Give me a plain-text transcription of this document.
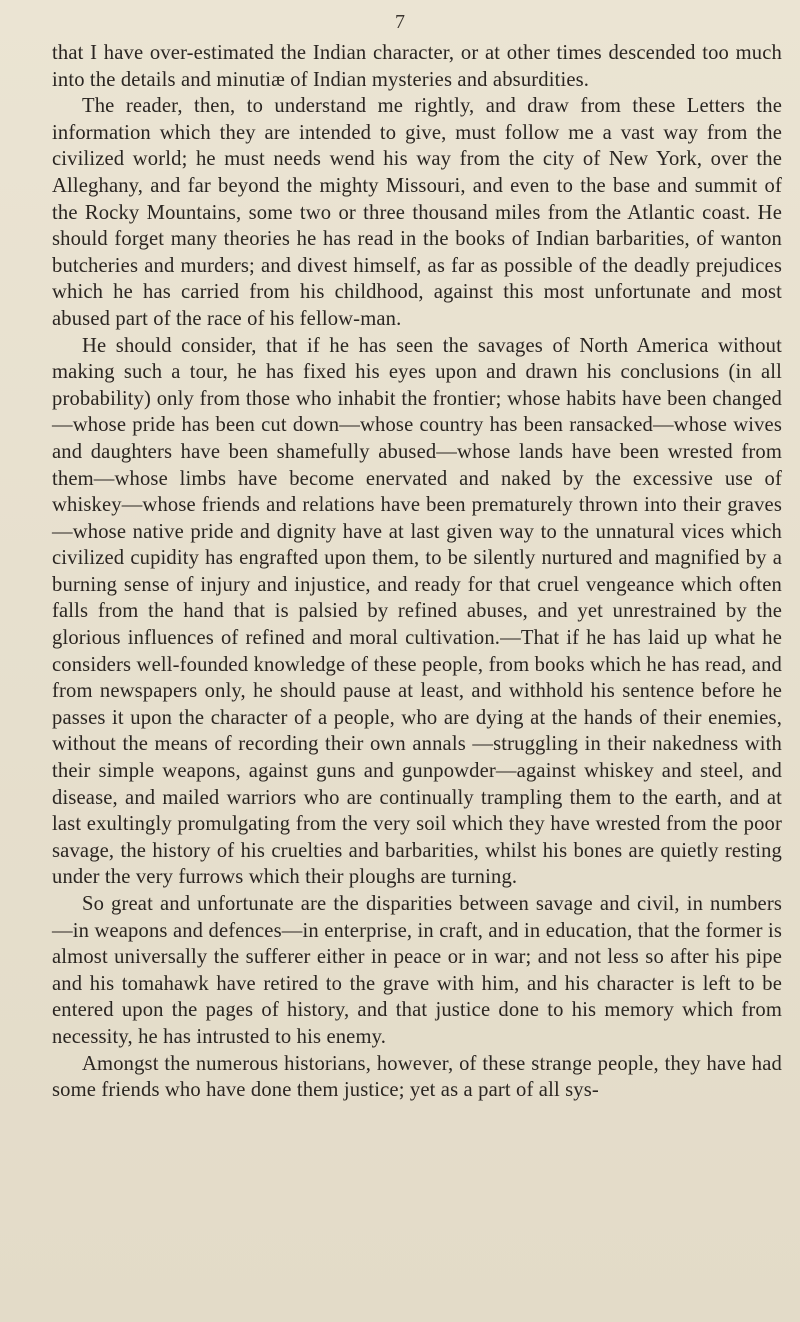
7

that I have over-estimated the Indian character, or at other times descended too much into the details and minutiæ of Indian mysteries and absurdities.

The reader, then, to understand me rightly, and draw from these Letters the information which they are intended to give, must follow me a vast way from the civilized world; he must needs wend his way from the city of New York, over the Alleghany, and far beyond the mighty Missouri, and even to the base and summit of the Rocky Mountains, some two or three thousand miles from the Atlantic coast. He should forget many theories he has read in the books of Indian barbarities, of wanton butcheries and murders; and divest himself, as far as possible of the deadly prejudices which he has carried from his childhood, against this most unfortunate and most abused part of the race of his fellow-man.

He should consider, that if he has seen the savages of North America without making such a tour, he has fixed his eyes upon and drawn his conclusions (in all probability) only from those who inhabit the frontier; whose habits have been changed—whose pride has been cut down—whose country has been ransacked—whose wives and daughters have been shamefully abused—whose lands have been wrested from them—whose limbs have become enervated and naked by the excessive use of whiskey—whose friends and relations have been prematurely thrown into their graves—whose native pride and dignity have at last given way to the unnatural vices which civilized cupidity has engrafted upon them, to be silently nurtured and magnified by a burning sense of injury and injustice, and ready for that cruel vengeance which often falls from the hand that is palsied by refined abuses, and yet unrestrained by the glorious influences of refined and moral cultivation.—That if he has laid up what he considers well-founded knowledge of these people, from books which he has read, and from newspapers only, he should pause at least, and withhold his sentence before he passes it upon the character of a people, who are dying at the hands of their enemies, without the means of recording their own annals —struggling in their nakedness with their simple weapons, against guns and gunpowder—against whiskey and steel, and disease, and mailed warriors who are continually trampling them to the earth, and at last exultingly promulgating from the very soil which they have wrested from the poor savage, the history of his cruelties and barbarities, whilst his bones are quietly resting under the very furrows which their ploughs are turning.

So great and unfortunate are the disparities between savage and civil, in numbers—in weapons and defences—in enterprise, in craft, and in education, that the former is almost universally the sufferer either in peace or in war; and not less so after his pipe and his tomahawk have retired to the grave with him, and his character is left to be entered upon the pages of history, and that justice done to his memory which from necessity, he has intrusted to his enemy.

Amongst the numerous historians, however, of these strange people, they have had some friends who have done them justice; yet as a part of all sys-
